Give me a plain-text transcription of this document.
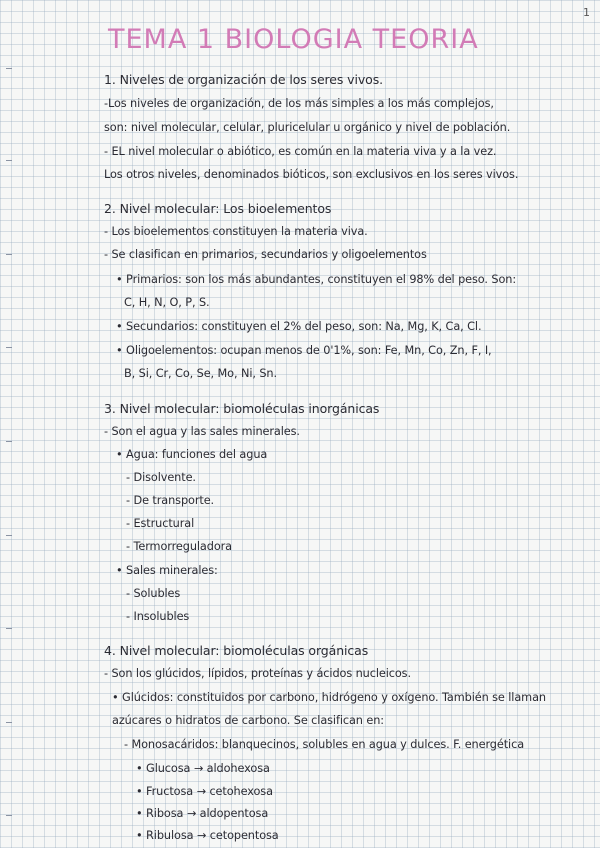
1
TEMA 1 BIOLOGIA TEORIA
1. Niveles de organización de los seres vivos.
-Los niveles de organización, de los más simples a los más complejos,
son: nivel molecular, celular, pluricelular u orgánico y nivel de población.
- EL nivel molecular o abiótico, es común en la materia viva y a la vez.
Los otros niveles, denominados bióticos, son exclusivos en los seres vivos.
2. Nivel molecular: Los bioelementos
- Los bioelementos constituyen la materia viva.
- Se clasifican en primarios, secundarios y oligoelementos
• Primarios: son los más abundantes, constituyen el 98% del peso. Son:
C, H, N, O, P, S.
• Secundarios: constituyen el 2% del peso, son: Na, Mg, K, Ca, Cl.
• Oligoelementos: ocupan menos de 0'1%, son: Fe, Mn, Co, Zn, F, I,
B, Si, Cr, Co, Se, Mo, Ni, Sn.
3. Nivel molecular: biomoléculas inorgánicas
- Son el agua y las sales minerales.
• Agua: funciones del agua
- Disolvente.
- De transporte.
- Estructural
- Termorreguladora
• Sales minerales:
- Solubles
- Insolubles
4. Nivel molecular: biomoléculas orgánicas
- Son los glúcidos, lípidos, proteínas y ácidos nucleicos.
• Glúcidos: constituidos por carbono, hidrógeno y oxígeno. También se llaman
azúcares o hidratos de carbono. Se clasifican en:
- Monosacáridos: blanquecinos, solubles en agua y dulces. F. energética
• Glucosa → aldohexosa
• Fructosa → cetohexosa
• Ribosa → aldopentosa
• Ribulosa → cetopentosa
